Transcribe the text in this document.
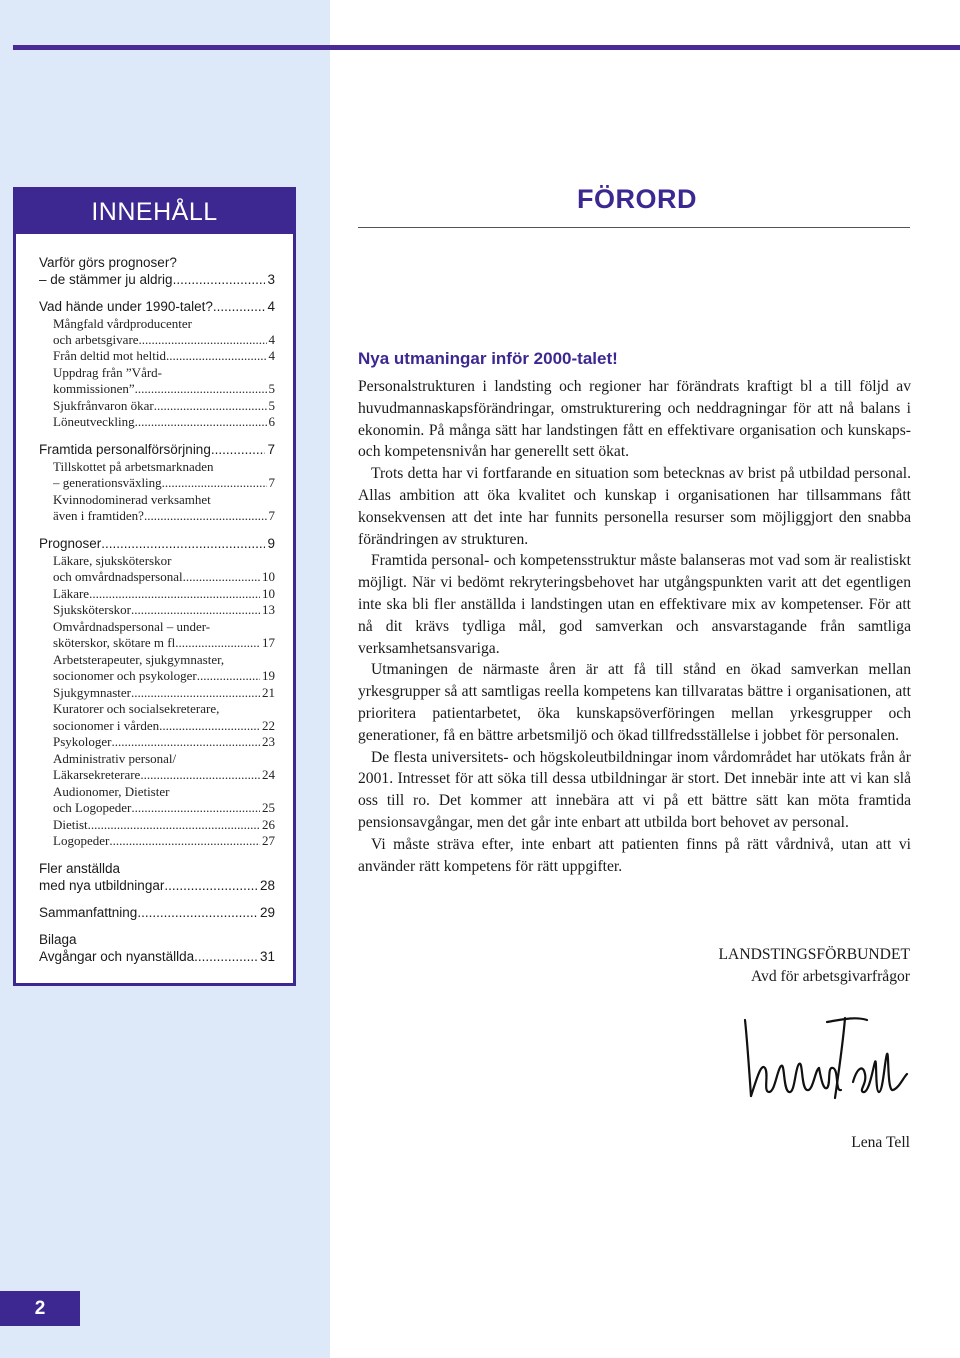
INNEHÅLL
Varför görs prognoser?
– de stämmer ju aldrig .....	3
Vad hände under 1990-talet? .....	4
Mångfald vårdproducenter
och arbetsgivare .....	4
Från deltid mot heltid .....	4
Uppdrag från ”Vård-
kommissionen” .....	5
Sjukfrånvaron ökar .....	5
Löneutveckling .....	6
Framtida personalförsörjning .....	7
Tillskottet på arbetsmarknaden
– generationsväxling .....	7
Kvinnodominerad verksamhet
även i framtiden? .....	7
Prognoser .....	9
Läkare, sjuksköterskor
och omvårdnadspersonal .....	10
Läkare .....	10
Sjuksköterskor .....	13
Omvårdnadspersonal – under-
sköterskor, skötare m fl .....	17
Arbetsterapeuter, sjukgymnaster,
socionomer och psykologer .....	19
Sjukgymnaster .....	21
Kuratorer och socialsekreterare,
socionomer i vården .....	22
Psykologer .....	23
Administrativ personal/
Läkarsekreterare .....	24
Audionomer, Dietister
och Logopeder .....	25
Dietist .....	26
Logopeder .....	27
Fler anställda
med nya utbildningar .....	28
Sammanfattning .....	29
Bilaga
Avgångar och nyanställda .....	31
FÖRORD
Nya utmaningar inför 2000-talet!

Personalstrukturen i landsting och regioner har förändrats kraftigt bl a till följd av huvudmannaskapsförändringar, omstrukturering och neddragningar för att nå balans i ekonomin. På många sätt har landstingen fått en effektivare organisation och kunskaps- och kompetensnivån har generellt sett ökat.

Trots detta har vi fortfarande en situation som betecknas av brist på utbildad personal. Allas ambition att öka kvalitet och kunskap i organisationen har tillsammans fått konsekvensen att det inte har funnits personella resurser som möjliggjort den snabba förändringen av strukturen.

Framtida personal- och kompetensstruktur måste balanseras mot vad som är realistiskt möjligt. När vi bedömt rekryteringsbehovet har utgångspunkten varit att det egentligen inte ska bli fler anställda i landstingen utan en effektivare mix av kompetenser. För att nå dit krävs tydliga mål, god samverkan och ansvarstagande från samtliga verksamhetsansvariga.

Utmaningen de närmaste åren är att få till stånd en ökad samverkan mellan yrkesgrupper så att samtligas reella kompetens kan tillvaratas bättre i organisationen, att prioritera patientarbetet, öka kunskapsöverföringen mellan yrkesgrupper och generationer, få en bättre arbetsmiljö och ökad tillfredsställelse i jobbet för personalen.

De flesta universitets- och högskoleutbildningar inom vårdområdet har utökats från år 2001. Intresset för att söka till dessa utbildningar är stort. Det innebär inte att vi kan slå oss till ro. Det kommer att innebära att vi på ett bättre sätt kan möta framtida pensionsavgångar, men det går inte enbart att utbilda bort behovet av personal.

Vi måste sträva efter, inte enbart att patienten finns på rätt vårdnivå, utan att vi använder rätt kompetens för rätt uppgifter.

LANDSTINGSFÖRBUNDET
Avd för arbetsgivarfrågor
Lena Tell
2
